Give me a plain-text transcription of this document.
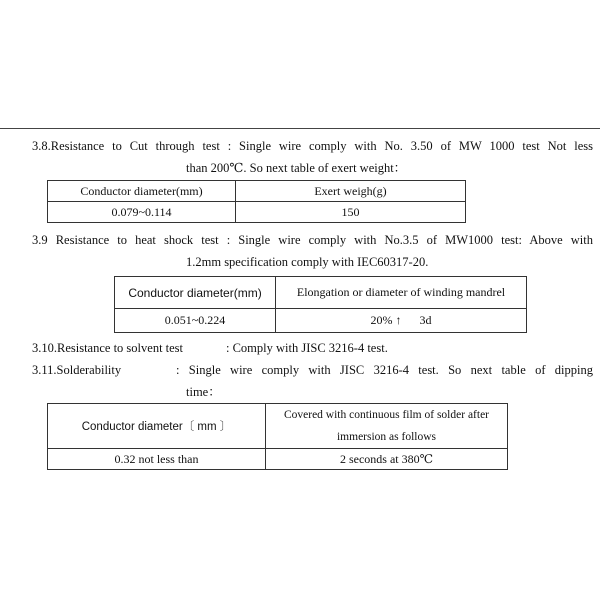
3.8.Resistance to Cut through test : Single wire comply with No. 3.50 of MW 1000 test Not less
than 200℃. So next table of exert weight：
Conductor diameter(mm)	Exert weigh(g)
0.079~0.114	150
3.9 Resistance to heat shock test : Single wire comply with No.3.5 of MW1000 test: Above with
1.2mm specification comply with IEC60317-20.
Conductor diameter(mm)	Elongation or diameter of winding mandrel
0.051~0.224	20% ↑      3d
3.10.Resistance to solvent test	: Comply with JISC 3216-4 test.
3.11.Solderability	: Single wire comply with JISC 3216-4 test. So next table of dipping
time：
Conductor diameter〔 mm 〕	Covered with continuous film of solder after
immersion as follows

0.32 not less than	2 seconds at 380℃
